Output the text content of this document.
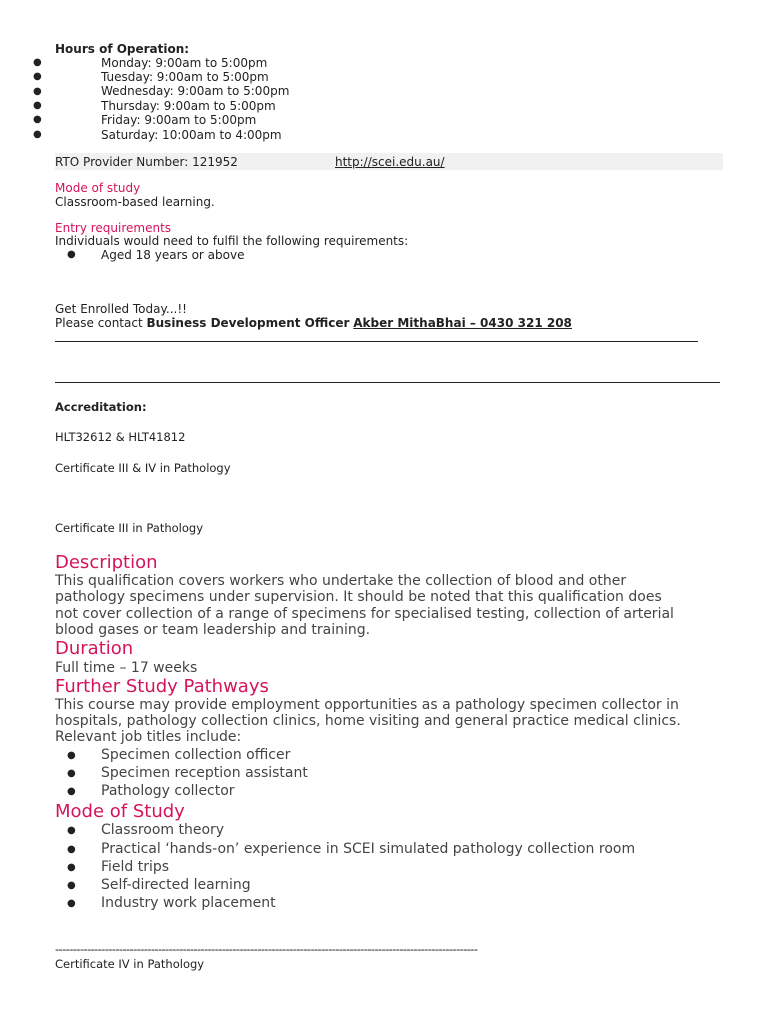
Hours of Operation:
●	Monday: 9:00am to 5:00pm
●	Tuesday: 9:00am to 5:00pm
●	Wednesday: 9:00am to 5:00pm
●	Thursday: 9:00am to 5:00pm
●	Friday: 9:00am to 5:00pm
●	Saturday: 10:00am to 4:00pm
RTO Provider Number: 121952	http://scei.edu.au/
Mode of study
Classroom-based learning.
Entry requirements
Individuals would need to fulfil the following requirements:
● Aged 18 years or above
Get Enrolled Today...!!
Please contact Business Development Officer Akber MithaBhai – 0430 321 208
Accreditation:
HLT32612 & HLT41812
Certificate III & IV in Pathology
Certificate III in Pathology
Description
This qualification covers workers who undertake the collection of blood and other
pathology specimens under supervision. It should be noted that this qualification does
not cover collection of a range of specimens for specialised testing, collection of arterial
blood gases or team leadership and training.
Duration
Full time – 17 weeks
Further Study Pathways
This course may provide employment opportunities as a pathology specimen collector in
hospitals, pathology collection clinics, home visiting and general practice medical clinics.
Relevant job titles include:
● Specimen collection officer
● Specimen reception assistant
● Pathology collector
Mode of Study
● Classroom theory
● Practical ‘hands-on’ experience in SCEI simulated pathology collection room
● Field trips
● Self-directed learning
● Industry work placement
-----------------------------------------------------------------------------------------------------------------------
Certificate IV in Pathology
